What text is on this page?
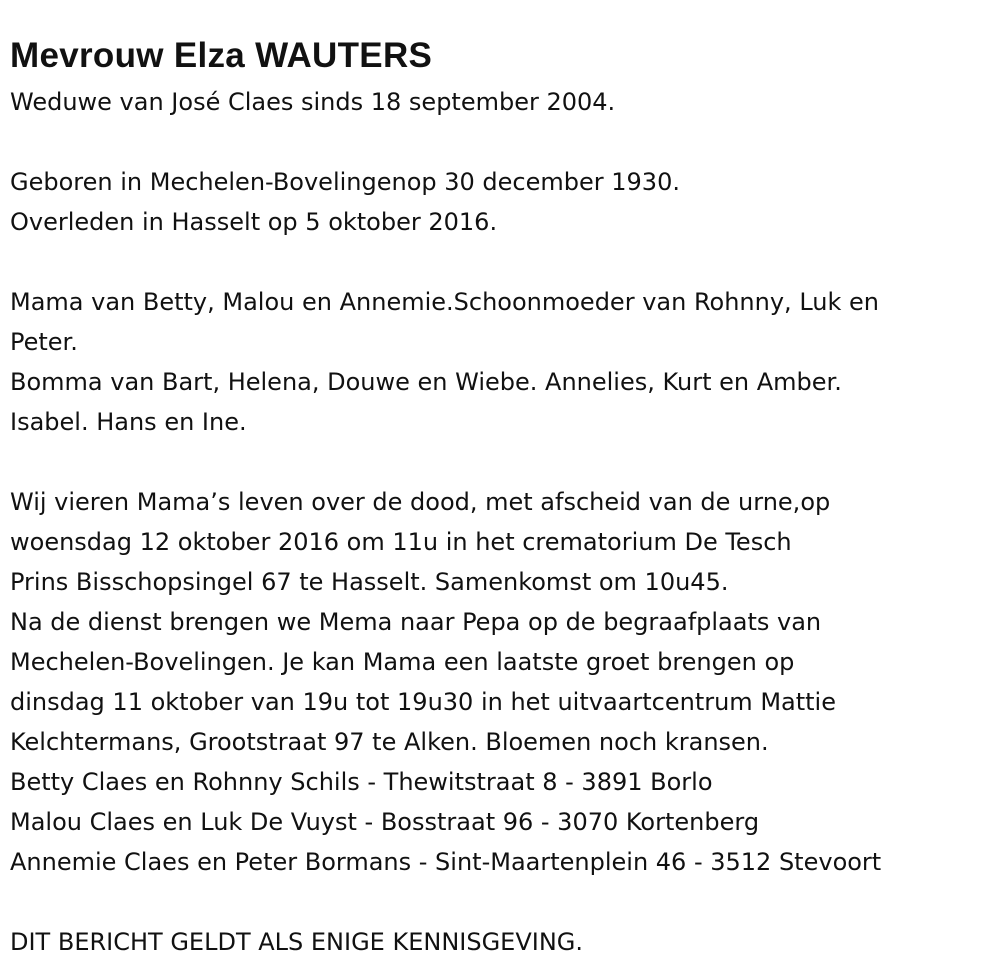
Mevrouw Elza WAUTERS

Weduwe van José Claes sinds 18 september 2004.

Geboren in Mechelen-Bovelingenop 30 december 1930.

Overleden in Hasselt op 5 oktober 2016.

Mama van Betty, Malou en Annemie.Schoonmoeder van Rohnny, Luk en

Peter.

Bomma van Bart, Helena, Douwe en Wiebe. Annelies, Kurt en Amber.

Isabel. Hans en Ine.

Wij vieren Mama’s leven over de dood, met afscheid van de urne,op

woensdag 12 oktober 2016 om 11u in het crematorium De Tesch

Prins Bisschopsingel 67 te Hasselt. Samenkomst om 10u45.

Na de dienst brengen we Mema naar Pepa op de begraafplaats van

Mechelen-Bovelingen. Je kan Mama een laatste groet brengen op

dinsdag 11 oktober van 19u tot 19u30 in het uitvaartcentrum Mattie

Kelchtermans, Grootstraat 97 te Alken. Bloemen noch kransen.

Betty Claes en Rohnny Schils - Thewitstraat 8 - 3891 Borlo

Malou Claes en Luk De Vuyst - Bosstraat 96 - 3070 Kortenberg

Annemie Claes en Peter Bormans - Sint-Maartenplein 46 - 3512 Stevoort

DIT BERICHT GELDT ALS ENIGE KENNISGEVING.
